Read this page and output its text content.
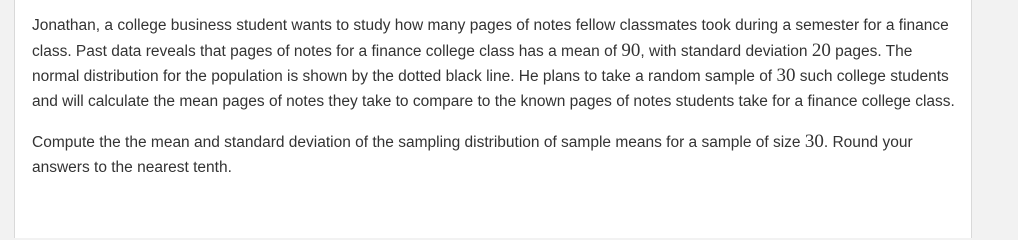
Jonathan, a college business student wants to study how many pages of notes fellow classmates took during a semester for a finance class. Past data reveals that pages of notes for a finance college class has a mean of 90, with standard deviation 20 pages. The normal distribution for the population is shown by the dotted black line. He plans to take a random sample of 30 such college students and will calculate the mean pages of notes they take to compare to the known pages of notes students take for a finance college class.

Compute the the mean and standard deviation of the sampling distribution of sample means for a sample of size 30. Round your answers to the nearest tenth.
